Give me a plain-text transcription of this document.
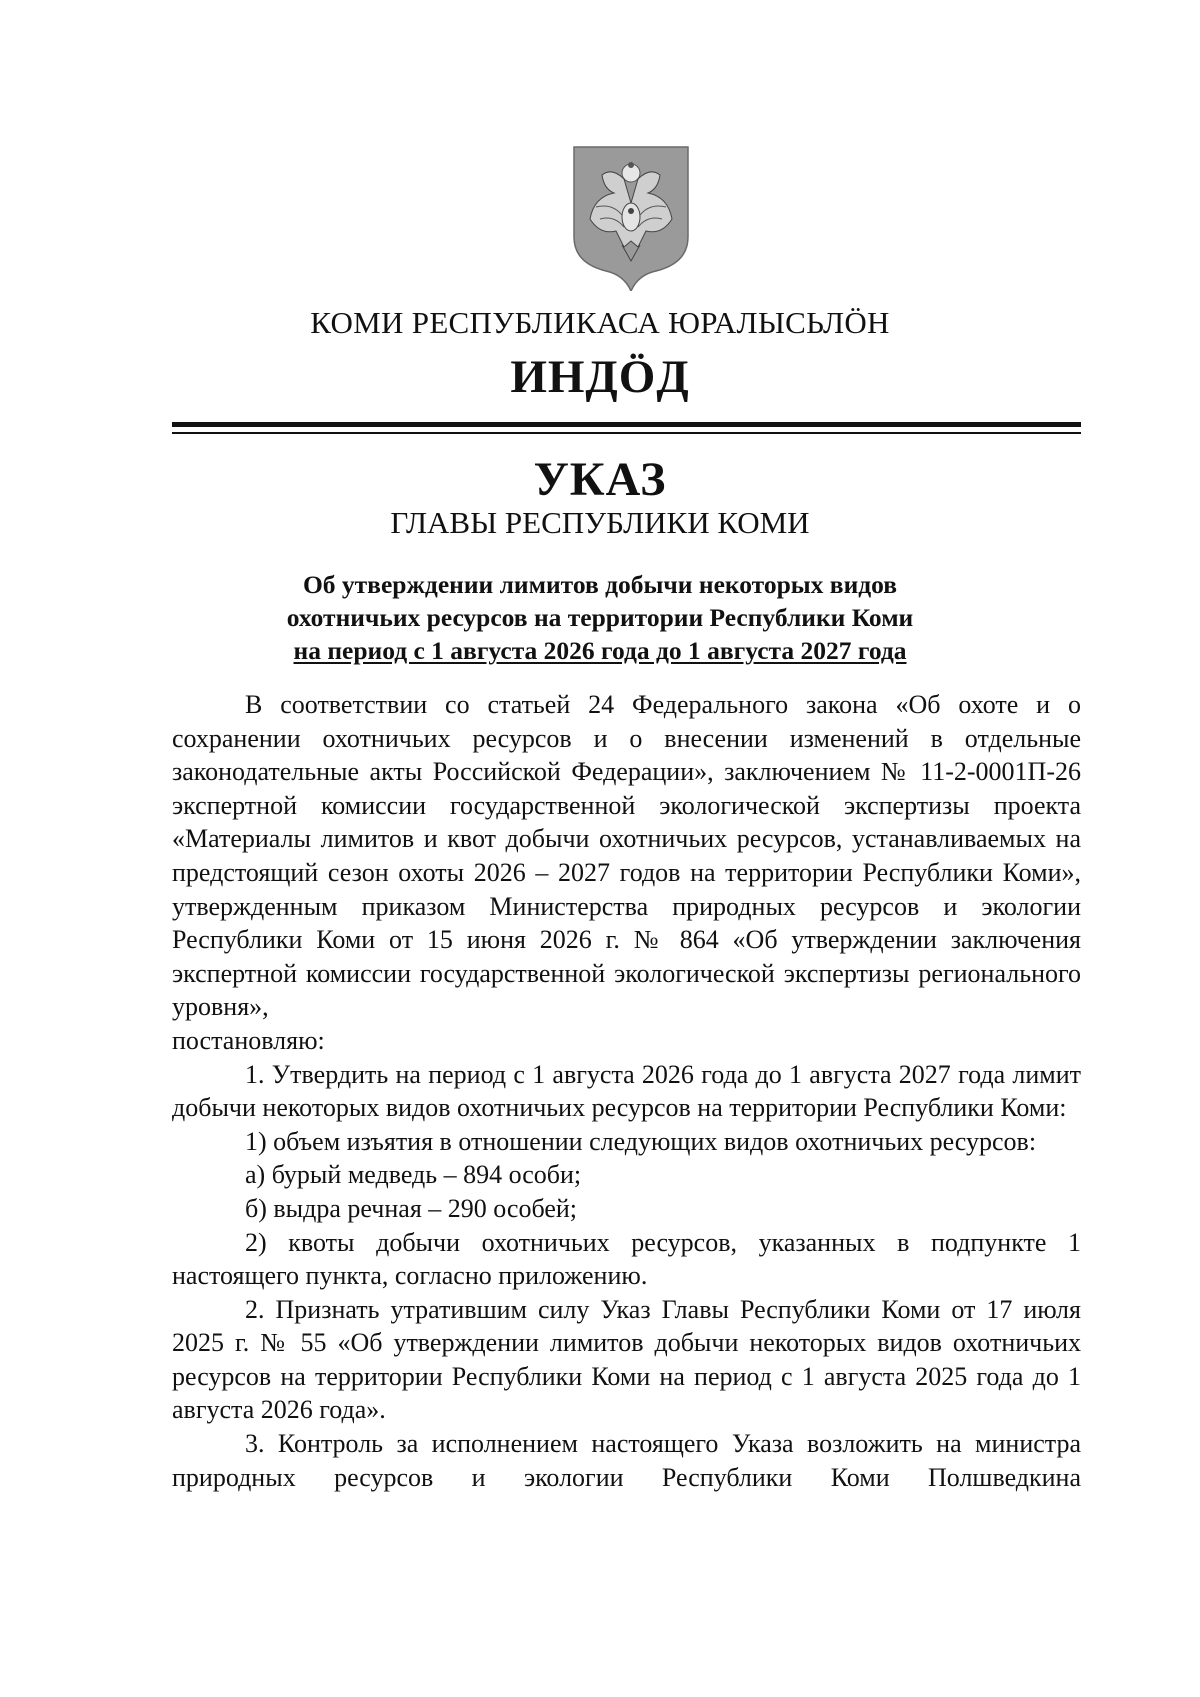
КОМИ РЕСПУБЛИКАСА ЮРАЛЫСЬЛӦН
ИНДӦД
УКАЗ
ГЛАВЫ РЕСПУБЛИКИ КОМИ
Об утверждении лимитов добычи некоторых видов
охотничьих ресурсов на территории Республики Коми
на период с 1 августа 2026 года до 1 августа 2027 года

В соответствии со статьей 24 Федерального закона «Об охоте и о сохранении охотничьих ресурсов и о внесении изменений в отдельные законодательные акты Российской Федерации», заключением № 11-2-0001П-26 экспертной комиссии государственной экологической экспертизы проекта «Материалы лимитов и квот добычи охотничьих ресурсов, устанавливаемых на предстоящий сезон охоты 2026 – 2027 годов на территории Республики Коми», утвержденным приказом Министерства природных ресурсов и экологии Республики Коми от 15 июня 2026 г. № 864 «Об утверждении заключения экспертной комиссии государственной экологической экспертизы регионального уровня»,

постановляю:

1. Утвердить на период с 1 августа 2026 года до 1 августа 2027 года лимит добычи некоторых видов охотничьих ресурсов на территории Республики Коми:

1) объем изъятия в отношении следующих видов охотничьих ресурсов:

а) бурый медведь – 894 особи;

б) выдра речная – 290 особей;

2) квоты добычи охотничьих ресурсов, указанных в подпункте 1 настоящего пункта, согласно приложению.

2. Признать утратившим силу Указ Главы Республики Коми от 17 июля 2025 г. № 55 «Об утверждении лимитов добычи некоторых видов охотничьих ресурсов на территории Республики Коми на период с 1 августа 2025 года до 1 августа 2026 года».

3. Контроль за исполнением настоящего Указа возложить на министра природных ресурсов и экологии Республики Коми Полшведкина
